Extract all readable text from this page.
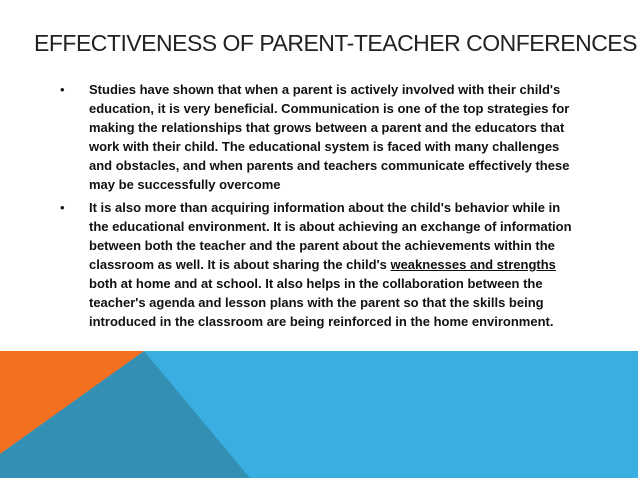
EFFECTIVENESS OF PARENT-TEACHER CONFERENCES
•	Studies have shown that when a parent is actively involved with their child's education, it is very beneficial. Communication is one of the top strategies for making the relationships that grows between a parent and the educators that work with their child. The educational system is faced with many challenges and obstacles, and when parents and teachers communicate effectively these may be successfully overcome
•	It is also more than acquiring information about the child's behavior while in the educational environment. It is about achieving an exchange of information between both the teacher and the parent about the achievements within the classroom as well. It is about sharing the child's weaknesses and strengths both at home and at school. It also helps in the collaboration between the teacher's agenda and lesson plans with the parent so that the skills being introduced in the classroom are being reinforced in the home environment.
